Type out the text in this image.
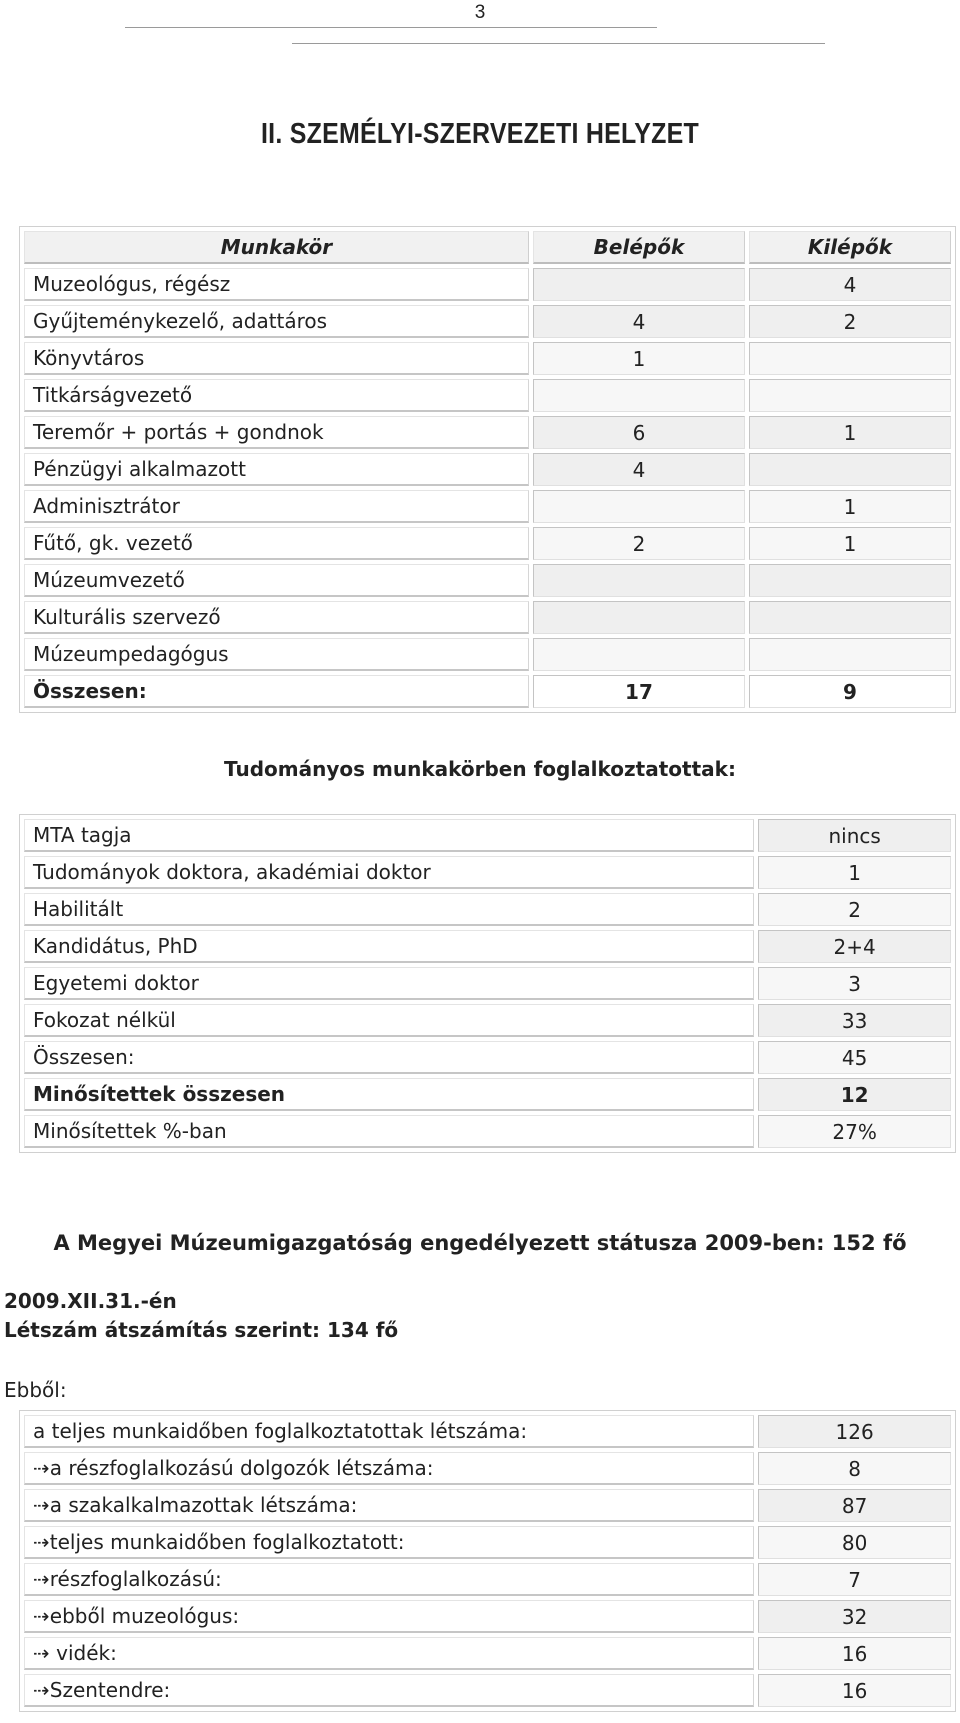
3
II. SZEMÉLYI-SZERVEZETI HELYZET
Munkakör	Belépők	Kilépők
Muzeológus, régész		4
Gyűjteménykezelő, adattáros	4	2
Könyvtáros	1	
Titkárságvezető		
Teremőr + portás + gondnok	6	1
Pénzügyi alkalmazott	4	
Adminisztrátor		1
Fűtő, gk. vezető	2	1
Múzeumvezető		
Kulturális szervező		
Múzeumpedagógus		
Összesen:	17	9
Tudományos munkakörben foglalkoztatottak:
MTA tagja	nincs
Tudományok doktora, akadémiai doktor	1
Habilitált	2
Kandidátus, PhD	2+4
Egyetemi doktor	3
Fokozat nélkül	33
Összesen:	45
Minősítettek összesen	12
Minősítettek %-ban	27%
A Megyei Múzeumigazgatóság engedélyezett státusza 2009-ben: 152 fő
2009.XII.31.-én
Létszám átszámítás szerint: 134 fő
Ebből:
a teljes munkaidőben foglalkoztatottak létszáma:	126
⇢a részfoglalkozású dolgozók létszáma:	8
⇢a szakalkalmazottak létszáma:	87
⇢teljes munkaidőben foglalkoztatott:	80
⇢részfoglalkozású:	7
⇢ebből muzeológus:	32
⇢ vidék:	16
⇢Szentendre:	16
